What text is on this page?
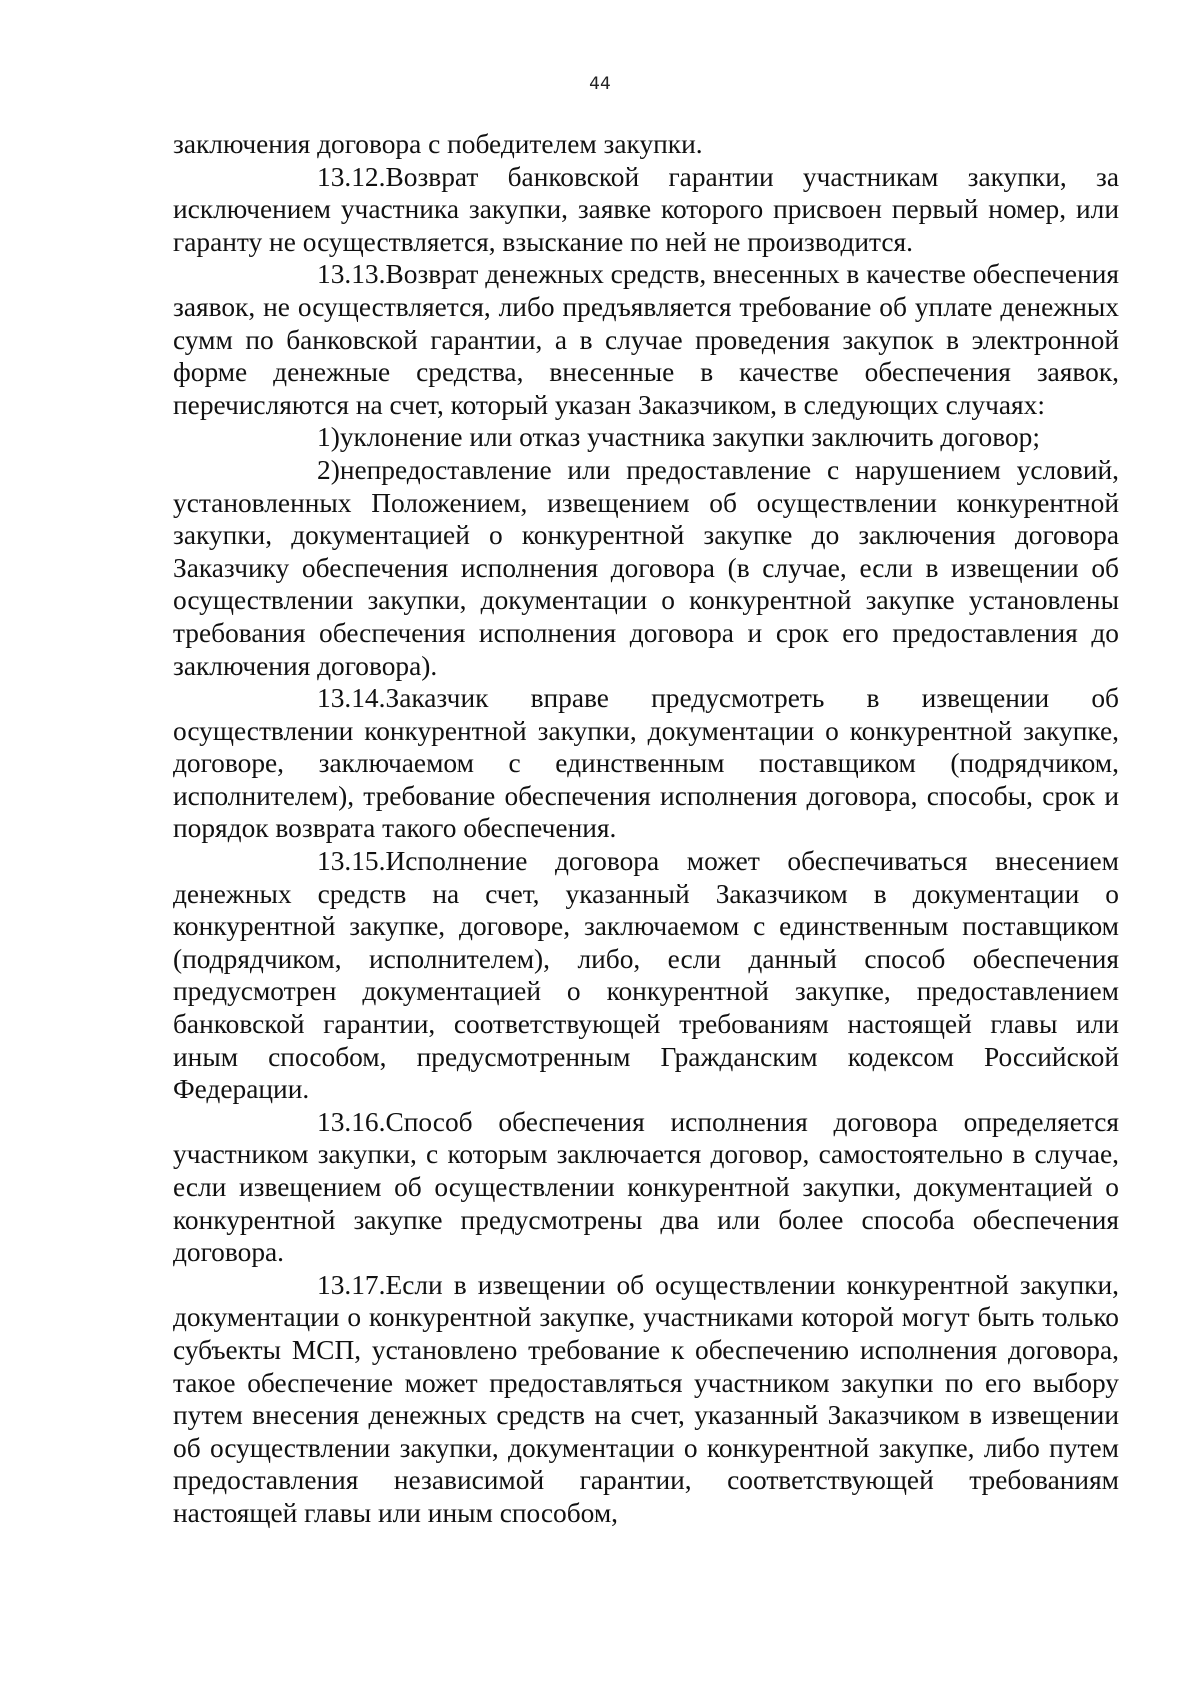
44

заключения договора с победителем закупки.

13.12.Возврат банковской гарантии участникам закупки, за исключением участника закупки, заявке которого присвоен первый номер, или гаранту не осуществляется, взыскание по ней не производится.

13.13.Возврат денежных средств, внесенных в качестве обеспечения заявок, не осуществляется, либо предъявляется требование об уплате денежных сумм по банковской гарантии, а в случае проведения закупок в электронной форме денежные средства, внесенные в качестве обеспечения заявок, перечисляются на счет, который указан Заказчиком, в следующих случаях:

1)уклонение или отказ участника закупки заключить договор;

2)непредоставление или предоставление с нарушением условий, установленных Положением, извещением об осуществлении конкурентной закупки, документацией о конкурентной закупке до заключения договора Заказчику обеспечения исполнения договора (в случае, если в извещении об осуществлении закупки, документации о конкурентной закупке установлены требования обеспечения исполнения договора и срок его предоставления до заключения договора).

13.14.Заказчик вправе предусмотреть в извещении об осуществлении конкурентной закупки, документации о конкурентной закупке, договоре, заключаемом с единственным поставщиком (подрядчиком, исполнителем), требование обеспечения исполнения договора, способы, срок и порядок возврата такого обеспечения.

13.15.Исполнение договора может обеспечиваться внесением денежных средств на счет, указанный Заказчиком в документации о конкурентной закупке, договоре, заключаемом с единственным поставщиком (подрядчиком, исполнителем), либо, если данный способ обеспечения предусмотрен документацией о конкурентной закупке, предоставлением банковской гарантии, соответствующей требованиям настоящей главы или иным способом, предусмотренным Гражданским кодексом Российской Федерации.

13.16.Способ обеспечения исполнения договора определяется участником закупки, с которым заключается договор, самостоятельно в случае, если извещением об осуществлении конкурентной закупки, документацией о конкурентной закупке предусмотрены два или более способа обеспечения договора.

13.17.Если в извещении об осуществлении конкурентной закупки, документации о конкурентной закупке, участниками которой могут быть только субъекты МСП, установлено требование к обеспечению исполнения договора, такое обеспечение может предоставляться участником закупки по его выбору путем внесения денежных средств на счет, указанный Заказчиком в извещении об осуществлении закупки, документации о конкурентной закупке, либо путем предоставления независимой гарантии, соответствующей требованиям настоящей главы или иным способом,
